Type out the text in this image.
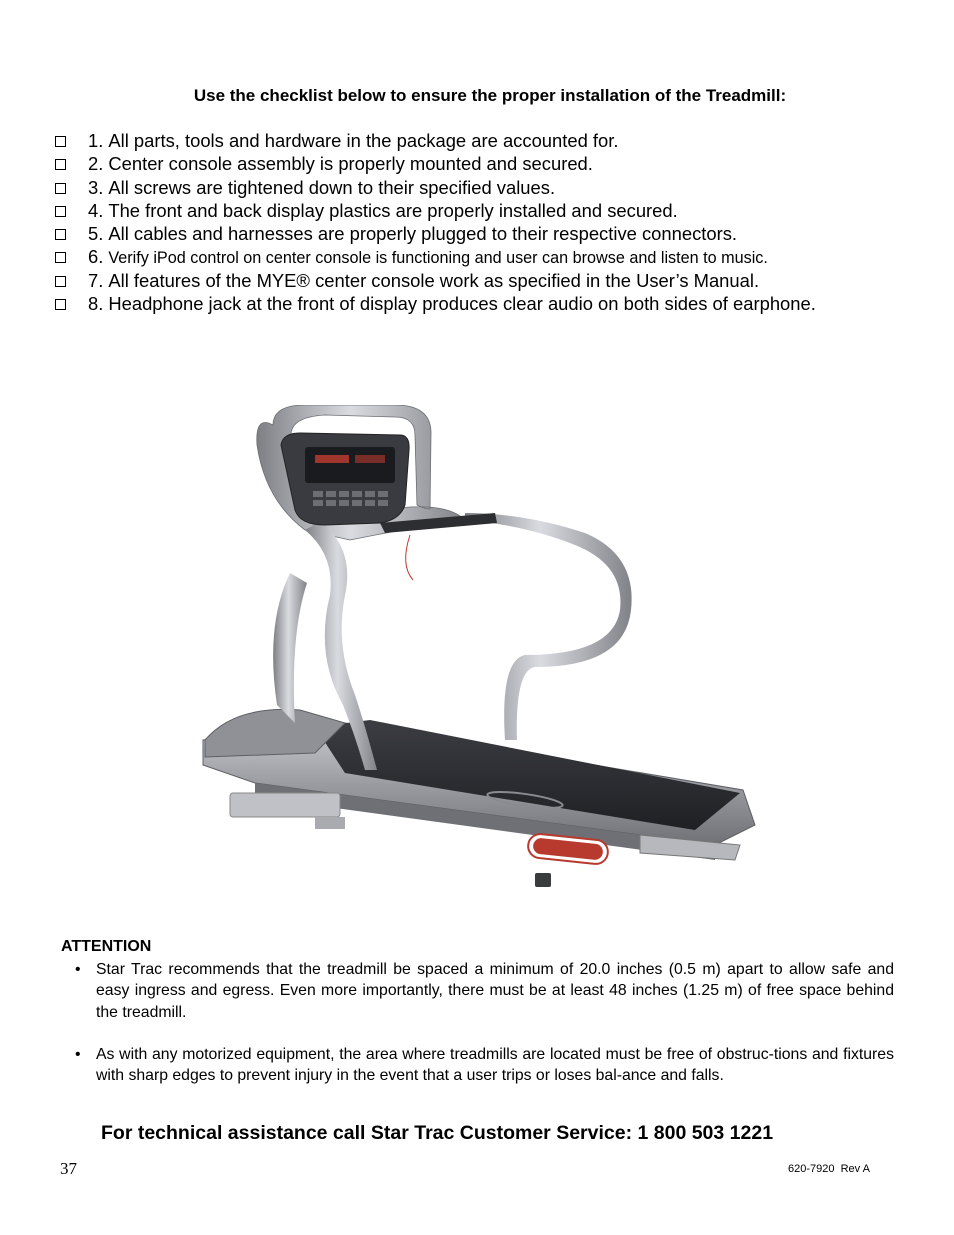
Use the checklist below to ensure the proper installation of the Treadmill:
1. All parts, tools and hardware in the package are accounted for.
2. Center console assembly is properly mounted and secured.
3. All screws are tightened down to their specified values.
4. The front and back display plastics are properly installed and secured.
5. All cables and harnesses are properly plugged to their respective connectors.
6. Verify iPod control on center console is functioning and user can browse and listen to music.
7. All features of the MYE® center console work as specified in the User’s Manual.
8. Headphone jack at the front of display produces clear audio on both sides of earphone.
ATTENTION
• Star Trac recommends that the treadmill be spaced a minimum of 20.0 inches (0.5 m) apart to allow safe and easy ingress and egress. Even more importantly, there must be at least 48 inches (1.25 m) of free space behind the treadmill.
• As with any motorized equipment, the area where treadmills are located must be free of obstruc-tions and fixtures with sharp edges to prevent injury in the event that a user trips or loses bal-ance and falls.
For technical assistance call Star Trac Customer Service: 1 800 503 1221
37	620-7920  Rev A
